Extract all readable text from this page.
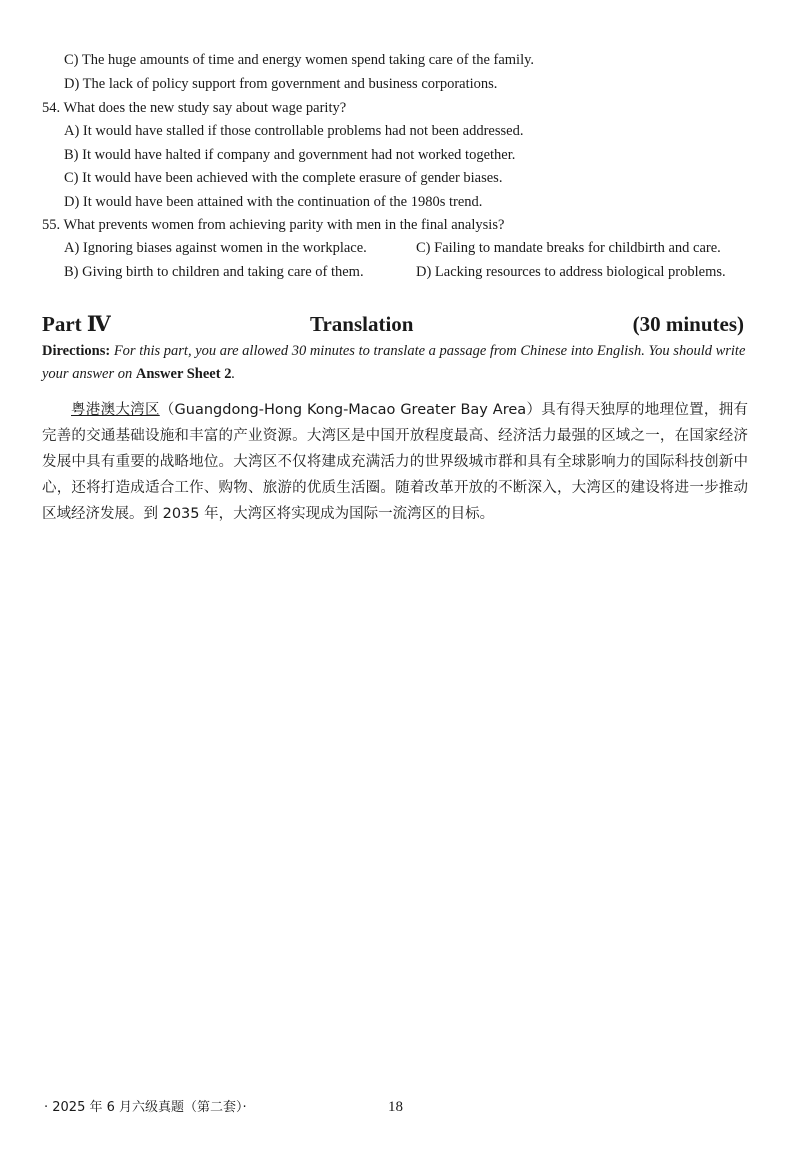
C) The huge amounts of time and energy women spend taking care of the family.
D) The lack of policy support from government and business corporations.
54. What does the new study say about wage parity?
A) It would have stalled if those controllable problems had not been addressed.
B) It would have halted if company and government had not worked together.
C) It would have been achieved with the complete erasure of gender biases.
D) It would have been attained with the continuation of the 1980s trend.
55. What prevents women from achieving parity with men in the final analysis?
A) Ignoring biases against women in the workplace.	C) Failing to mandate breaks for childbirth and care.
B) Giving birth to children and taking care of them.	D) Lacking resources to address biological problems.
Part Ⅳ	Translation	(30 minutes)
Directions: For this part, you are allowed 30 minutes to translate a passage from Chinese into English. You should write your answer on Answer Sheet 2.
粤港澳大湾区（Guangdong-Hong Kong-Macao Greater Bay Area）具有得天独厚的地理位置，拥有完善的交通基础设施和丰富的产业资源。大湾区是中国开放程度最高、经济活力最强的区域之一，在国家经济发展中具有重要的战略地位。大湾区不仅将建成充满活力的世界级城市群和具有全球影响力的国际科技创新中心，还将打造成适合工作、购物、旅游的优质生活圈。随着改革开放的不断深入，大湾区的建设将进一步推动区域经济发展。到 2035 年，大湾区将实现成为国际一流湾区的目标。
· 2025 年 6 月六级真题（第二套）·	18
